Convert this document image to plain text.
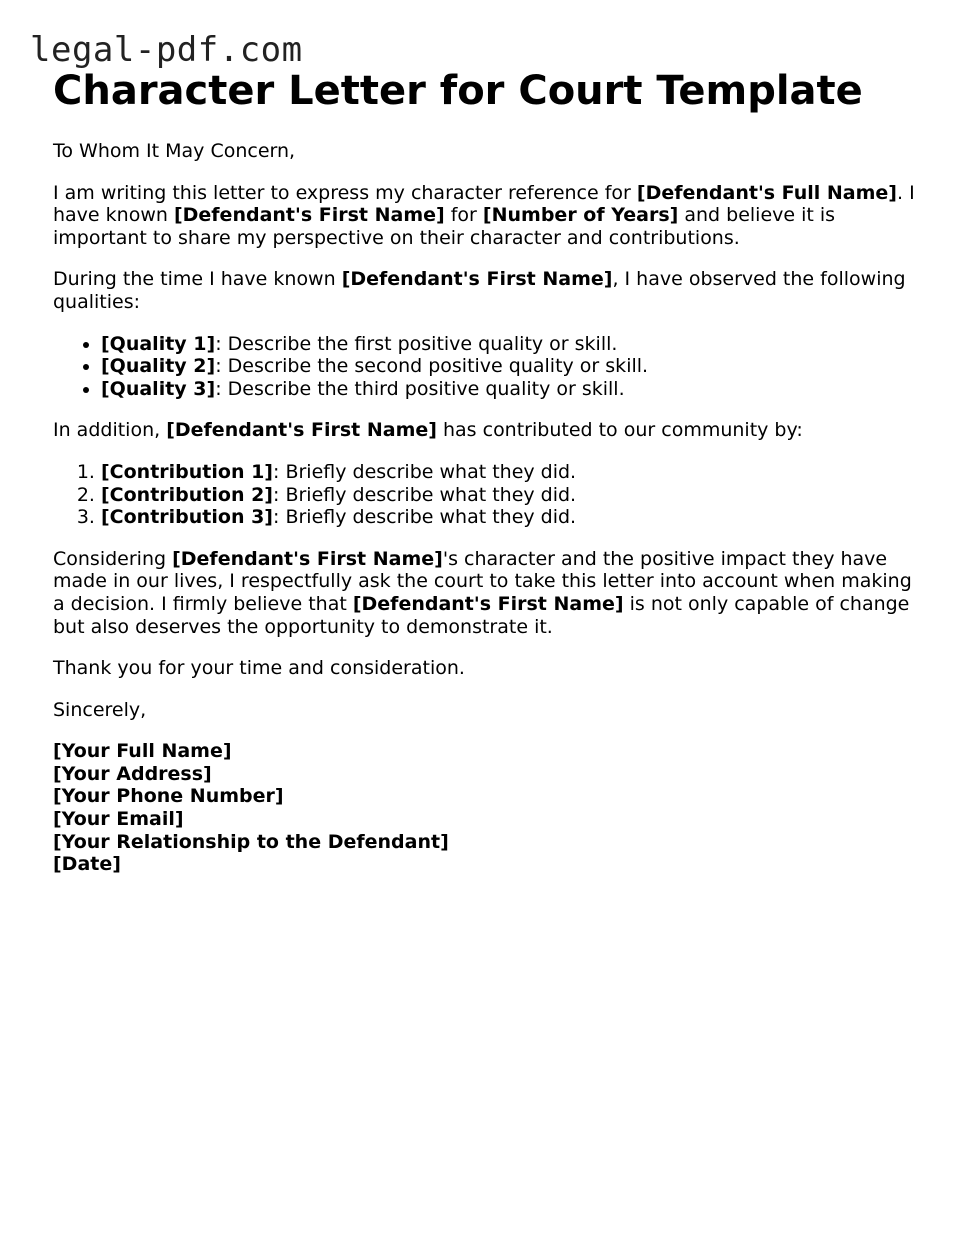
legal-pdf.com
Character Letter for Court Template

To Whom It May Concern,

I am writing this letter to express my character reference for [Defendant's Full Name]. I have known [Defendant's First Name] for [Number of Years] and believe it is important to share my perspective on their character and contributions.

During the time I have known [Defendant's First Name], I have observed the following qualities:

• [Quality 1]: Describe the first positive quality or skill.
• [Quality 2]: Describe the second positive quality or skill.
• [Quality 3]: Describe the third positive quality or skill.

In addition, [Defendant's First Name] has contributed to our community by:

1. [Contribution 1]: Briefly describe what they did.
2. [Contribution 2]: Briefly describe what they did.
3. [Contribution 3]: Briefly describe what they did.

Considering [Defendant's First Name]'s character and the positive impact they have made in our lives, I respectfully ask the court to take this letter into account when making a decision. I firmly believe that [Defendant's First Name] is not only capable of change but also deserves the opportunity to demonstrate it.

Thank you for your time and consideration.

Sincerely,

[Your Full Name]

[Your Address]

[Your Phone Number]

[Your Email]

[Your Relationship to the Defendant]

[Date]
